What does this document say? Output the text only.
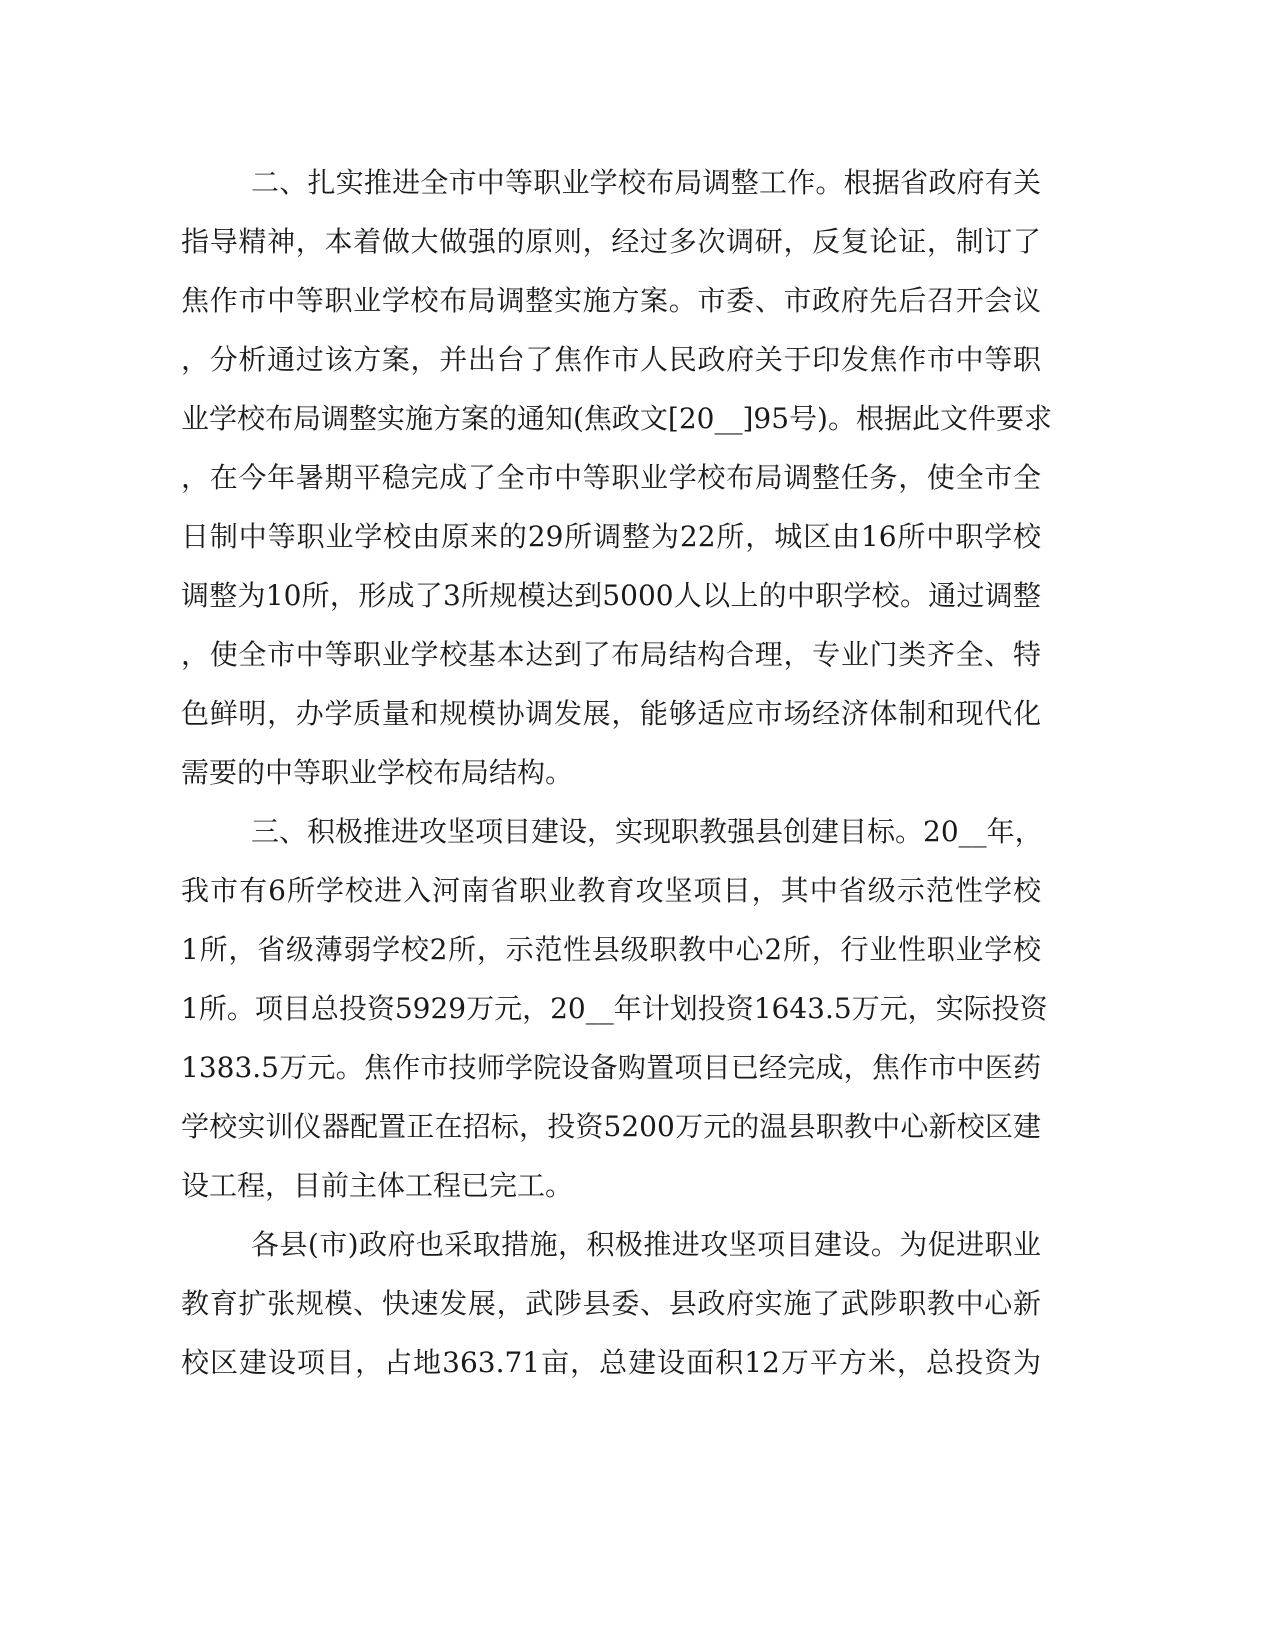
二、扎实推进全市中等职业学校布局调整工作。根据省政府有关
指导精神，本着做大做强的原则，经过多次调研，反复论证，制订了
焦作市中等职业学校布局调整实施方案。市委、市政府先后召开会议
，分析通过该方案，并出台了焦作市人民政府关于印发焦作市中等职
业学校布局调整实施方案的通知(焦政文[20__]95号)。根据此文件要求
，在今年暑期平稳完成了全市中等职业学校布局调整任务，使全市全
日制中等职业学校由原来的29所调整为22所，城区由16所中职学校
调整为10所，形成了3所规模达到5000人以上的中职学校。通过调整
，使全市中等职业学校基本达到了布局结构合理，专业门类齐全、特
色鲜明，办学质量和规模协调发展，能够适应市场经济体制和现代化
需要的中等职业学校布局结构。
三、积极推进攻坚项目建设，实现职教强县创建目标。20__年，
我市有6所学校进入河南省职业教育攻坚项目，其中省级示范性学校
1所，省级薄弱学校2所，示范性县级职教中心2所，行业性职业学校
1所。项目总投资5929万元，20__年计划投资1643.5万元，实际投资
1383.5万元。焦作市技师学院设备购置项目已经完成，焦作市中医药
学校实训仪器配置正在招标，投资5200万元的温县职教中心新校区建
设工程，目前主体工程已完工。
各县(市)政府也采取措施，积极推进攻坚项目建设。为促进职业
教育扩张规模、快速发展，武陟县委、县政府实施了武陟职教中心新
校区建设项目，占地363.71亩，总建设面积12万平方米，总投资为
